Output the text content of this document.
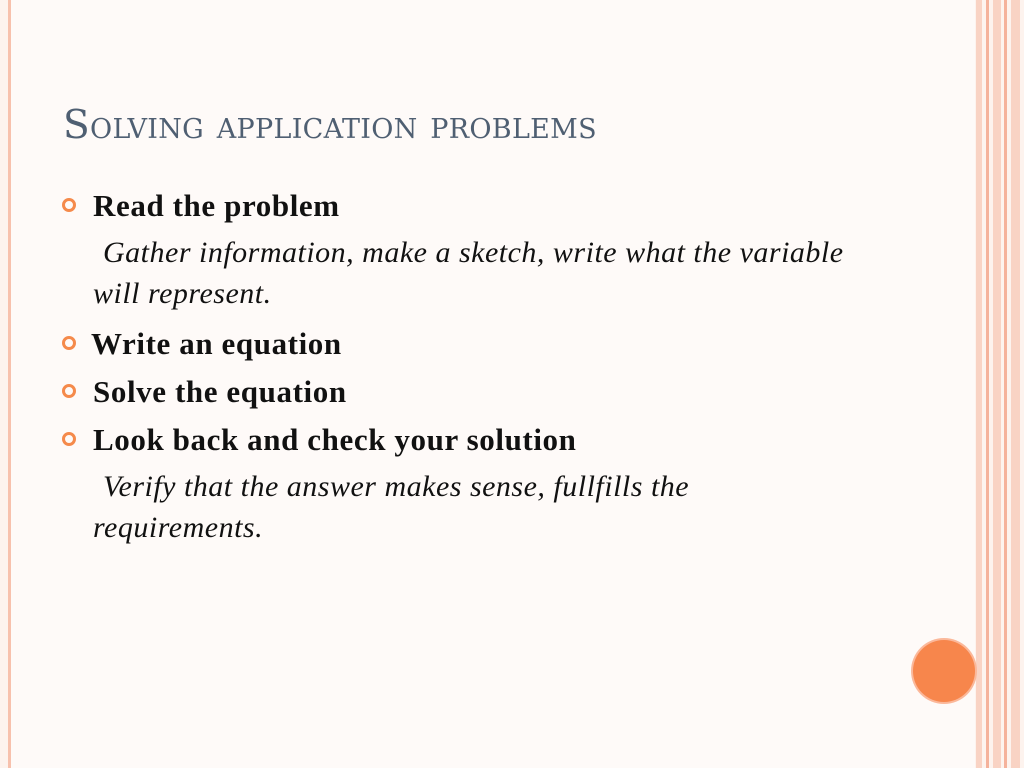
Solving application problems
Read the problem
Gather information, make a sketch, write what the variable will represent.
Write an equation
Solve the equation
Look back and check your solution
Verify that the answer makes sense, fullfills the requirements.
